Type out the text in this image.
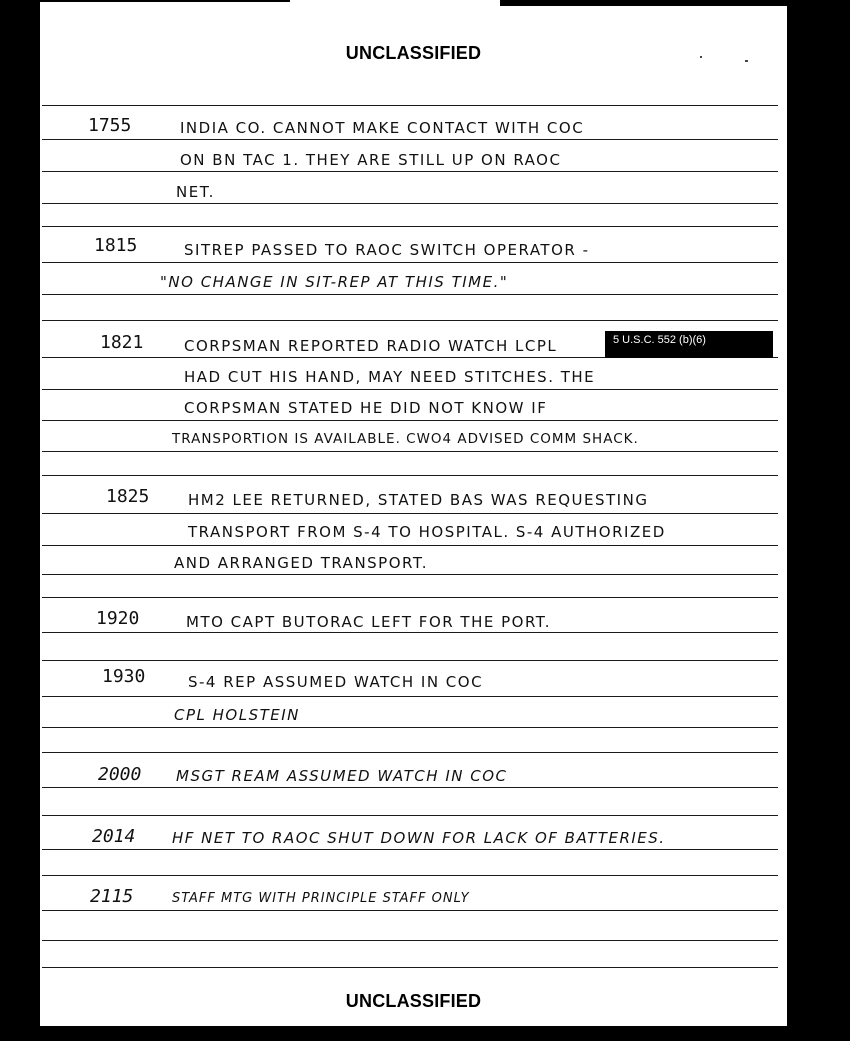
UNCLASSIFIED
UNCLASSIFIED
1755	INDIA CO. CANNOT MAKE CONTACT WITH COC
ON BN TAC 1. THEY ARE STILL UP ON RAOC
NET.
1815	SITREP PASSED TO RAOC SWITCH OPERATOR -
"NO CHANGE IN SIT-REP AT THIS TIME."
1821	CORPSMAN REPORTED RADIO WATCH LCPL	5 U.S.C. 552 (b)(6)
HAD CUT HIS HAND, MAY NEED STITCHES. THE
CORPSMAN STATED HE DID NOT KNOW IF
TRANSPORTION IS AVAILABLE. CWO4 ADVISED COMM SHACK.
1825	HM2 LEE RETURNED, STATED BAS WAS REQUESTING
TRANSPORT FROM S-4 TO HOSPITAL. S-4 AUTHORIZED
AND ARRANGED TRANSPORT.
1920	MTO CAPT BUTORAC LEFT FOR THE PORT.
1930	S-4 REP ASSUMED WATCH IN COC
CPL HOLSTEIN
2000 MSGT REAM ASSUMED WATCH IN COC
2014 HF NET TO RAOC SHUT DOWN FOR LACK OF BATTERIES.
2115	STAFF MTG WITH PRINCIPLE STAFF ONLY
